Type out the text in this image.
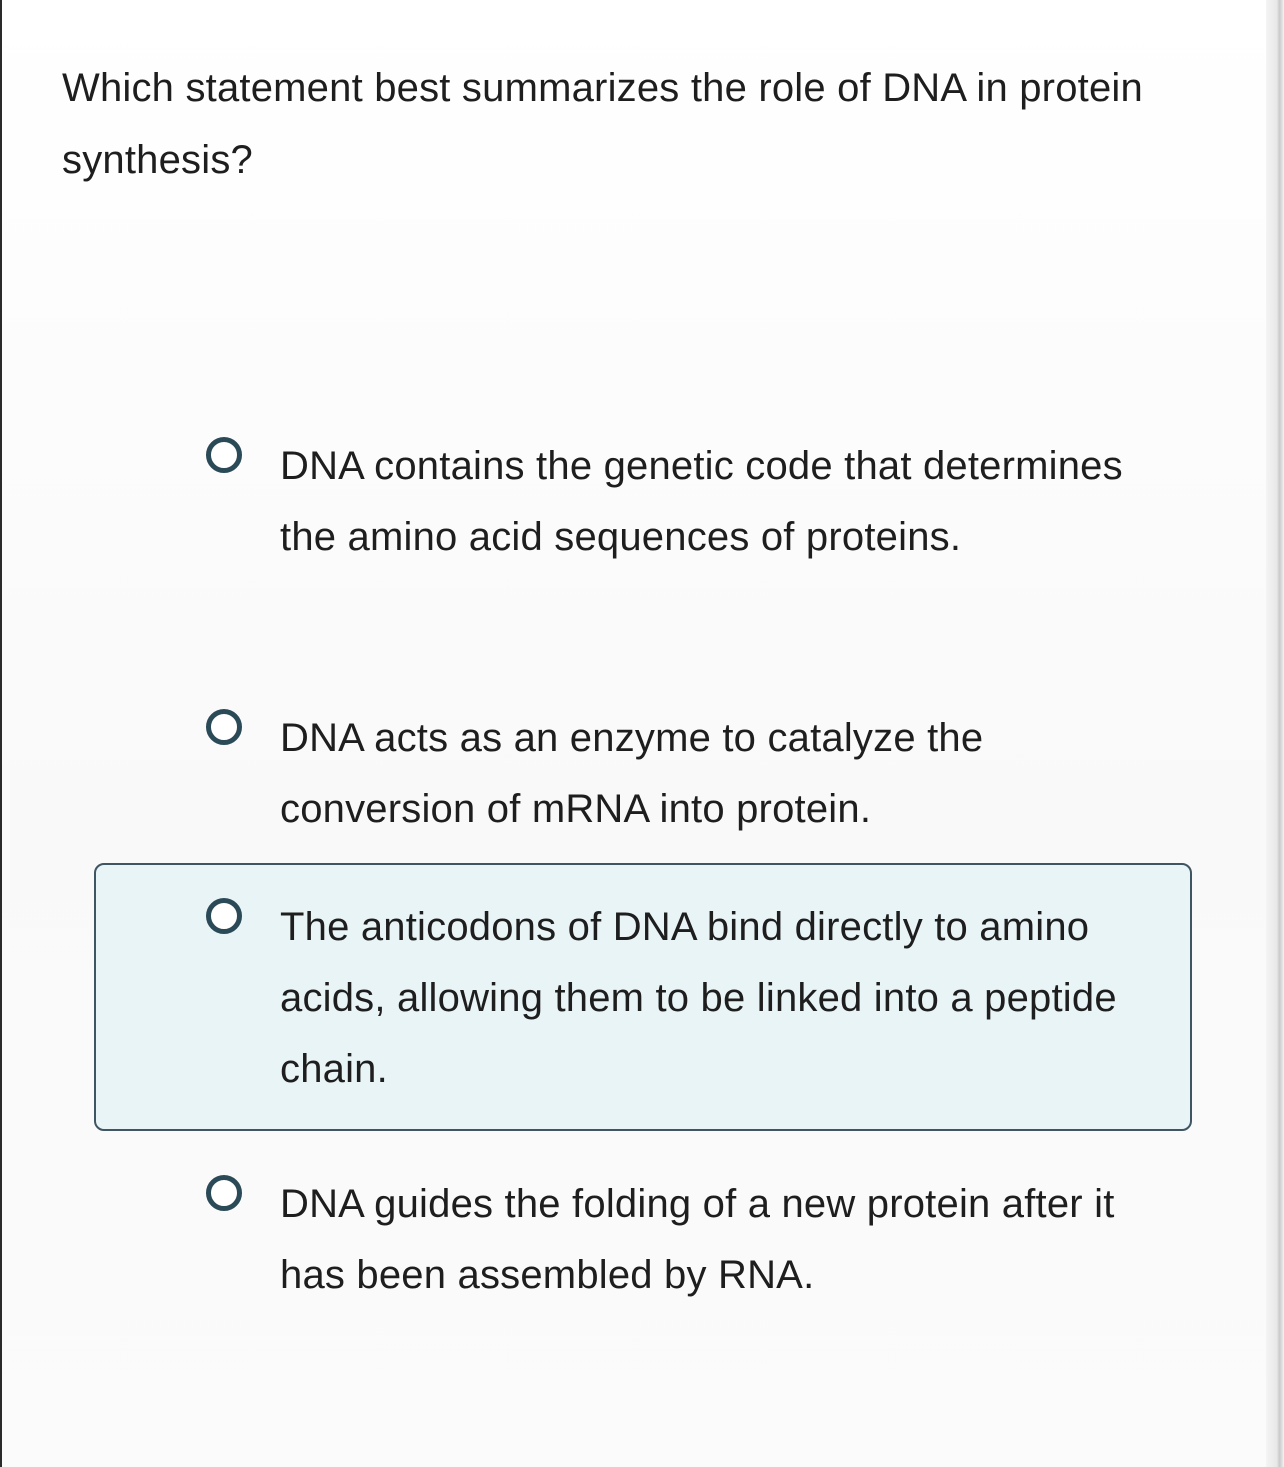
Which statement best summarizes the role of DNA in protein synthesis?
DNA contains the genetic code that determines the amino acid sequences of proteins.
DNA acts as an enzyme to catalyze the conversion of mRNA into protein.
The anticodons of DNA bind directly to amino acids, allowing them to be linked into a peptide chain.
DNA guides the folding of a new protein after it has been assembled by RNA.
